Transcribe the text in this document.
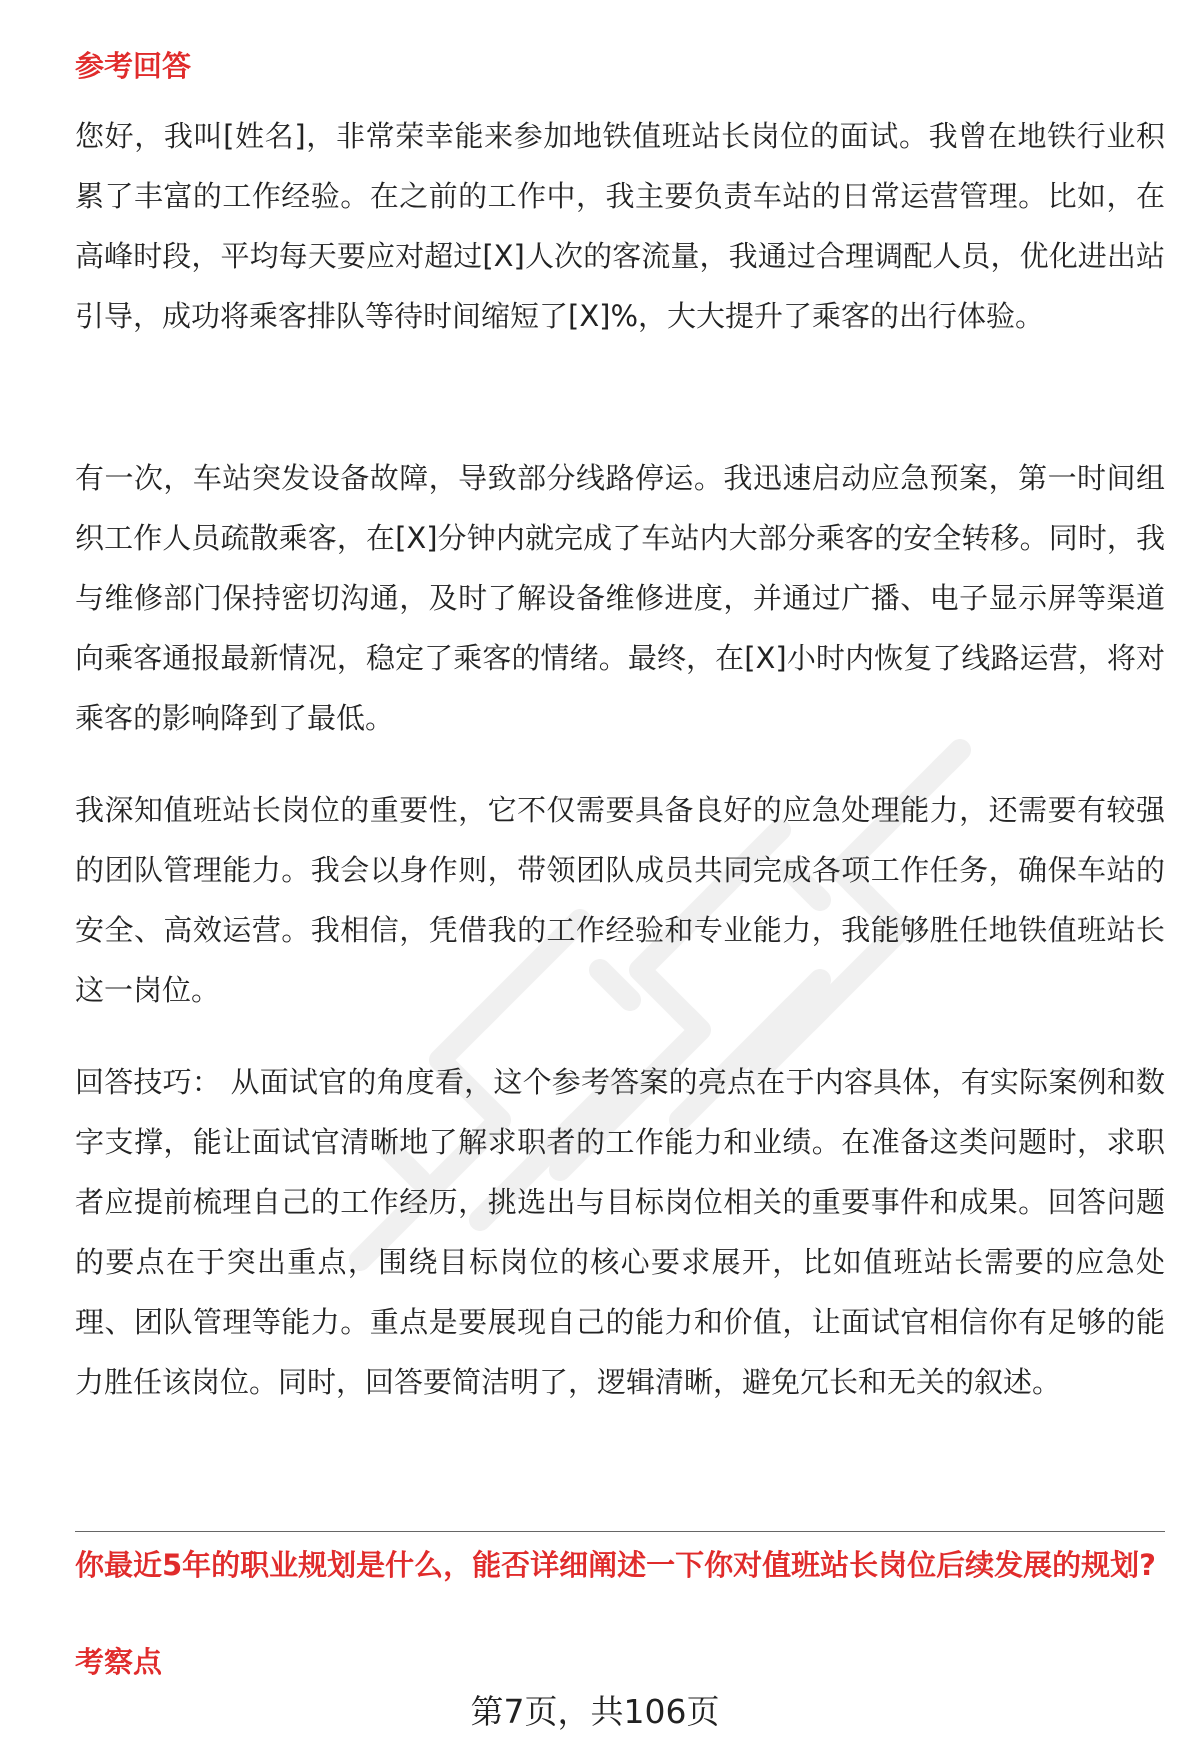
参考回答
您好，我叫[姓名]，非常荣幸能来参加地铁值班站长岗位的面试。我曾在地铁行业积累了丰富的工作经验。在之前的工作中，我主要负责车站的日常运营管理。比如，在高峰时段，平均每天要应对超过[X]人次的客流量，我通过合理调配人员，优化进出站引导，成功将乘客排队等待时间缩短了[X]%，大大提升了乘客的出行体验。
有一次，车站突发设备故障，导致部分线路停运。我迅速启动应急预案，第一时间组织工作人员疏散乘客，在[X]分钟内就完成了车站内大部分乘客的安全转移。同时，我与维修部门保持密切沟通，及时了解设备维修进度，并通过广播、电子显示屏等渠道向乘客通报最新情况，稳定了乘客的情绪。最终，在[X]小时内恢复了线路运营，将对乘客的影响降到了最低。
我深知值班站长岗位的重要性，它不仅需要具备良好的应急处理能力，还需要有较强的团队管理能力。我会以身作则，带领团队成员共同完成各项工作任务，确保车站的安全、高效运营。我相信，凭借我的工作经验和专业能力，我能够胜任地铁值班站长这一岗位。
回答技巧： 从面试官的角度看，这个参考答案的亮点在于内容具体，有实际案例和数字支撑，能让面试官清晰地了解求职者的工作能力和业绩。在准备这类问题时，求职者应提前梳理自己的工作经历，挑选出与目标岗位相关的重要事件和成果。回答问题的要点在于突出重点，围绕目标岗位的核心要求展开，比如值班站长需要的应急处理、团队管理等能力。重点是要展现自己的能力和价值，让面试官相信你有足够的能力胜任该岗位。同时，回答要简洁明了，逻辑清晰，避免冗长和无关的叙述。
你最近5年的职业规划是什么，能否详细阐述一下你对值班站长岗位后续发展的规划?
考察点
第7页，共106页
